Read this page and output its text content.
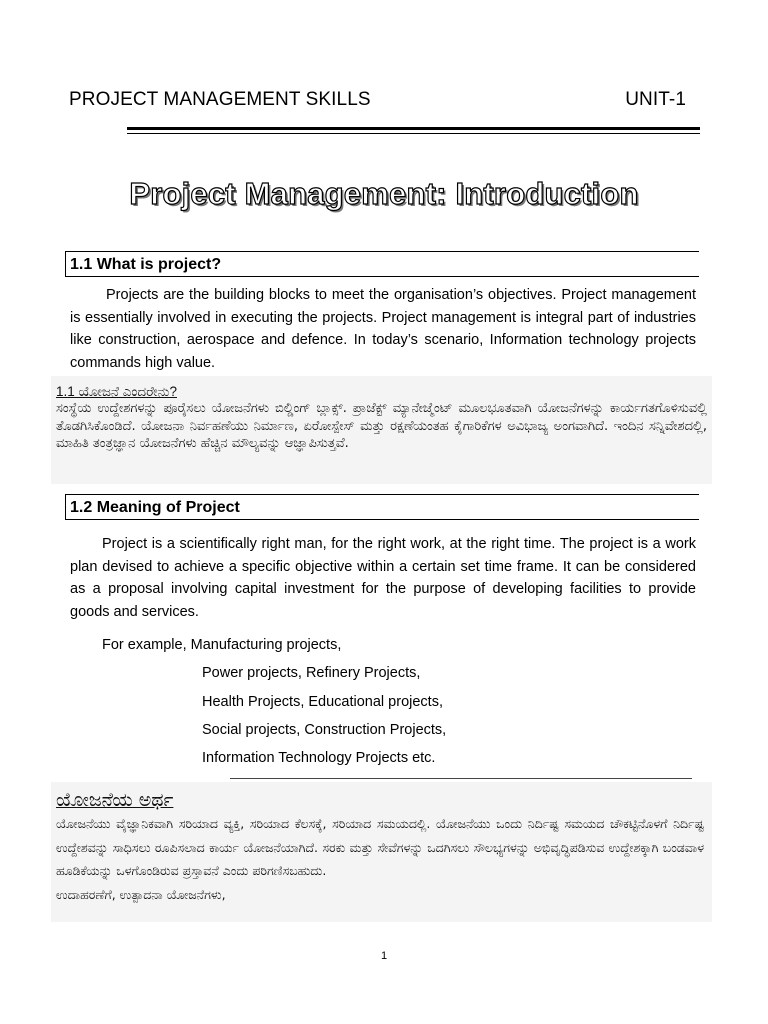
PROJECT MANAGEMENT SKILLS	UNIT-1
Project Management: Introduction
1.1 What is project?

Projects are the building blocks to meet the organisation’s objectives. Project management is essentially involved in executing the projects. Project management is integral part of industries like construction, aerospace and defence. In today’s scenario, Information technology projects commands high value.

1.1 ಯೋಜನೆ ಎಂದರೇನು?

ಸಂಸ್ಥೆಯ ಉದ್ದೇಶಗಳನ್ನು ಪೂರೈಸಲು ಯೋಜನೆಗಳು ಬಿಲ್ಡಿಂಗ್ ಬ್ಲಾಕ್ಸ್. ಪ್ರಾಜೆಕ್ಟ್ ಮ್ಯಾನೇಜ್ಮೆಂಟ್ ಮೂಲಭೂತವಾಗಿ ಯೋಜನೆಗಳನ್ನು ಕಾರ್ಯಗತಗೊಳಿಸುವಲ್ಲಿ ತೊಡಗಿಸಿಕೊಂಡಿದೆ. ಯೋಜನಾ ನಿರ್ವಹಣೆಯು ನಿರ್ಮಾಣ, ಏರೋಸ್ಪೇಸ್ ಮತ್ತು ರಕ್ಷಣೆಯಂತಹ ಕೈಗಾರಿಕೆಗಳ ಅವಿಭಾಜ್ಯ ಅಂಗವಾಗಿದೆ. ಇಂದಿನ ಸನ್ನಿವೇಶದಲ್ಲಿ, ಮಾಹಿತಿ ತಂತ್ರಜ್ಞಾನ ಯೋಜನೆಗಳು ಹೆಚ್ಚಿನ ಮೌಲ್ಯವನ್ನು ಆಜ್ಞಾಪಿಸುತ್ತವೆ.

1.2 Meaning of Project

Project is a scientifically right man, for the right work, at the right time. The project is a work plan devised to achieve a specific objective within a certain set time frame. It can be considered as a proposal involving capital investment for the purpose of developing facilities to provide goods and services.

For example, Manufacturing projects,
Power projects, Refinery Projects,
Health Projects, Educational projects,
Social projects, Construction Projects,
Information Technology Projects etc.
ಯೋಜನೆಯ ಅರ್ಥ

ಯೋಜನೆಯು ವೈಜ್ಞಾನಿಕವಾಗಿ ಸರಿಯಾದ ವ್ಯಕ್ತಿ, ಸರಿಯಾದ ಕೆಲಸಕ್ಕೆ, ಸರಿಯಾದ ಸಮಯದಲ್ಲಿ. ಯೋಜನೆಯು ಒಂದು ನಿರ್ದಿಷ್ಟ ಸಮಯದ ಚೌಕಟ್ಟಿನೊಳಗೆ ನಿರ್ದಿಷ್ಟ ಉದ್ದೇಶವನ್ನು ಸಾಧಿಸಲು ರೂಪಿಸಲಾದ ಕಾರ್ಯ ಯೋಜನೆಯಾಗಿದೆ. ಸರಕು ಮತ್ತು ಸೇವೆಗಳನ್ನು ಒದಗಿಸಲು ಸೌಲಭ್ಯಗಳನ್ನು ಅಭಿವೃದ್ಧಿಪಡಿಸುವ ಉದ್ದೇಶಕ್ಕಾಗಿ ಬಂಡವಾಳ ಹೂಡಿಕೆಯನ್ನು ಒಳಗೊಂಡಿರುವ ಪ್ರಸ್ತಾವನೆ ಎಂದು ಪರಿಗಣಿಸಬಹುದು.

ಉದಾಹರಣೆಗೆ, ಉತ್ಪಾದನಾ ಯೋಜನೆಗಳು,

1
